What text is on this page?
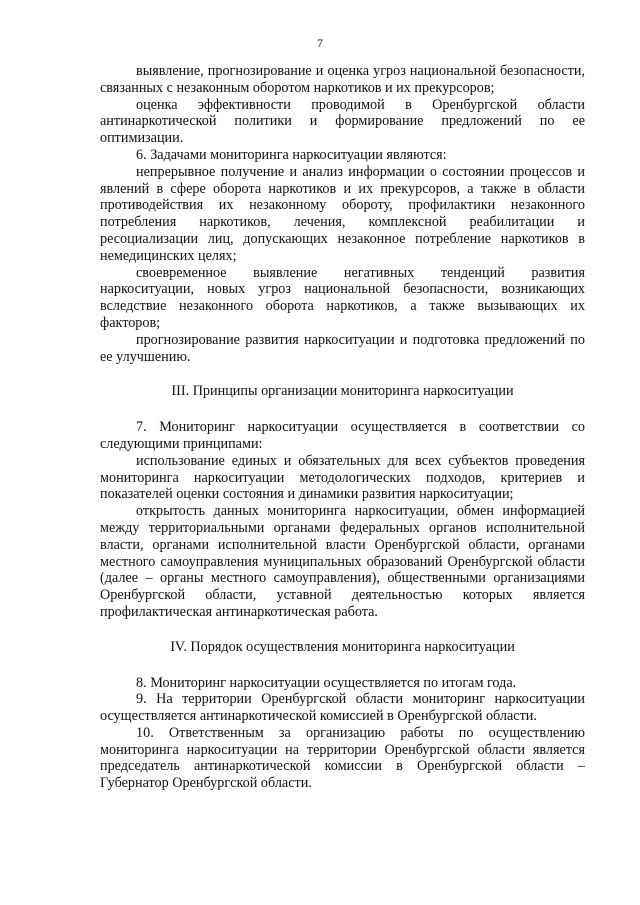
7

выявление, прогнозирование и оценка угроз национальной безопасности, связанных с незаконным оборотом наркотиков и их прекурсоров;

оценка эффективности проводимой в Оренбургской области антинаркотической политики и формирование предложений по ее оптимизации.

6. Задачами мониторинга наркоситуации являются:

непрерывное получение и анализ информации о состоянии процессов и явлений в сфере оборота наркотиков и их прекурсоров, а также в области противодействия их незаконному обороту, профилактики незаконного потребления наркотиков, лечения, комплексной реабилитации и ресоциализации лиц, допускающих незаконное потребление наркотиков в немедицинских целях;

своевременное выявление негативных тенденций развития наркоситуации, новых угроз национальной безопасности, возникающих вследствие незаконного оборота наркотиков, а также вызывающих их факторов;

прогнозирование развития наркоситуации и подготовка предложений по ее улучшению.

III. Принципы организации мониторинга наркоситуации

7. Мониторинг наркоситуации осуществляется в соответствии со следующими принципами:

использование единых и обязательных для всех субъектов проведения мониторинга наркоситуации методологических подходов, критериев и показателей оценки состояния и динамики развития наркоситуации;

открытость данных мониторинга наркоситуации, обмен информацией между территориальными органами федеральных органов исполнительной власти, органами исполнительной власти Оренбургской области, органами местного самоуправления муниципальных образований Оренбургской области (далее – органы местного самоуправления), общественными организациями Оренбургской области, уставной деятельностью которых является профилактическая антинаркотическая работа.

IV. Порядок осуществления мониторинга наркоситуации

8. Мониторинг наркоситуации осуществляется по итогам года.

9. На территории Оренбургской области мониторинг наркоситуации осуществляется антинаркотической комиссией в Оренбургской области.

10. Ответственным за организацию работы по осуществлению мониторинга наркоситуации на территории Оренбургской области является председатель антинаркотической комиссии в Оренбургской области – Губернатор Оренбургской области.
